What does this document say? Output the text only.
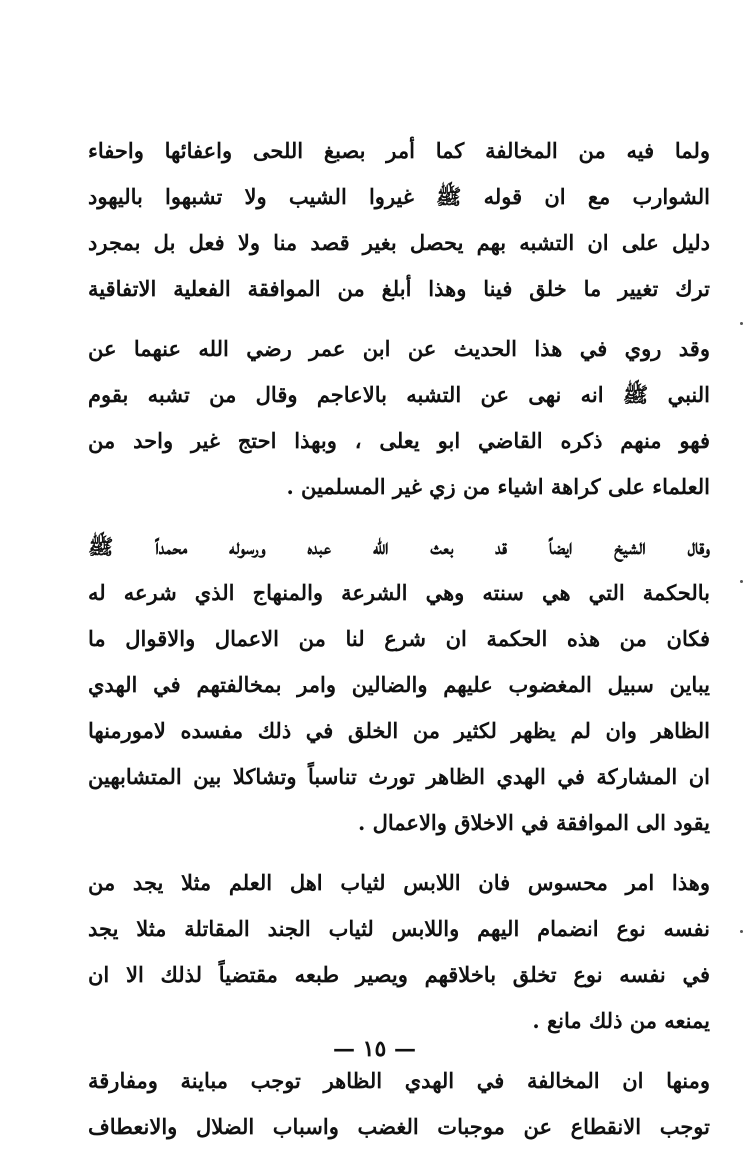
ولما فيه من المخالفة كما أمر بصبغ اللحى واعفائها واحفاء
الشوارب مع ان قوله ﷺ غيروا الشيب ولا تشبهوا باليهود
دليل على ان التشبه بهم يحصل بغير قصد منا ولا فعل بل بمجرد
ترك تغيير ما خلق فينا وهذا أبلغ من الموافقة الفعلية الاتفاقية
وقد روي في هذا الحديث عن ابن عمر رضي الله عنهما عن
النبي ﷺ انه نهى عن التشبه بالاعاجم وقال من تشبه بقوم
فهو منهم ذكره القاضي ابو يعلى ، وبهذا احتج غير واحد من
العلماء على كراهة اشياء من زي غير المسلمين .
وقال الشيخ ايضاً قد بعث الله عبده ورسوله محمداً ﷺ
بالحكمة التي هي سنته وهي الشرعة والمنهاج الذي شرعه له
فكان من هذه الحكمة ان شرع لنا من الاعمال والاقوال ما
يباين سبيل المغضوب عليهم والضالين وامر بمخالفتهم في الهدي
الظاهر وان لم يظهر لكثير من الخلق في ذلك مفسده لامورمنها
ان المشاركة في الهدي الظاهر تورث تناسباً وتشاكلا بين المتشابهين
يقود الى الموافقة في الاخلاق والاعمال .
وهذا امر محسوس فان اللابس لثياب اهل العلم مثلا يجد من
نفسه نوع انضمام اليهم واللابس لثياب الجند المقاتلة مثلا يجد
في نفسه نوع تخلق باخلاقهم ويصير طبعه مقتضياً لذلك الا ان
يمنعه من ذلك مانع .
ومنها ان المخالفة في الهدي الظاهر توجب مباينة ومفارقة
توجب الانقطاع عن موجبات الغضب واسباب الضلال والانعطاف
— ١٥ —
